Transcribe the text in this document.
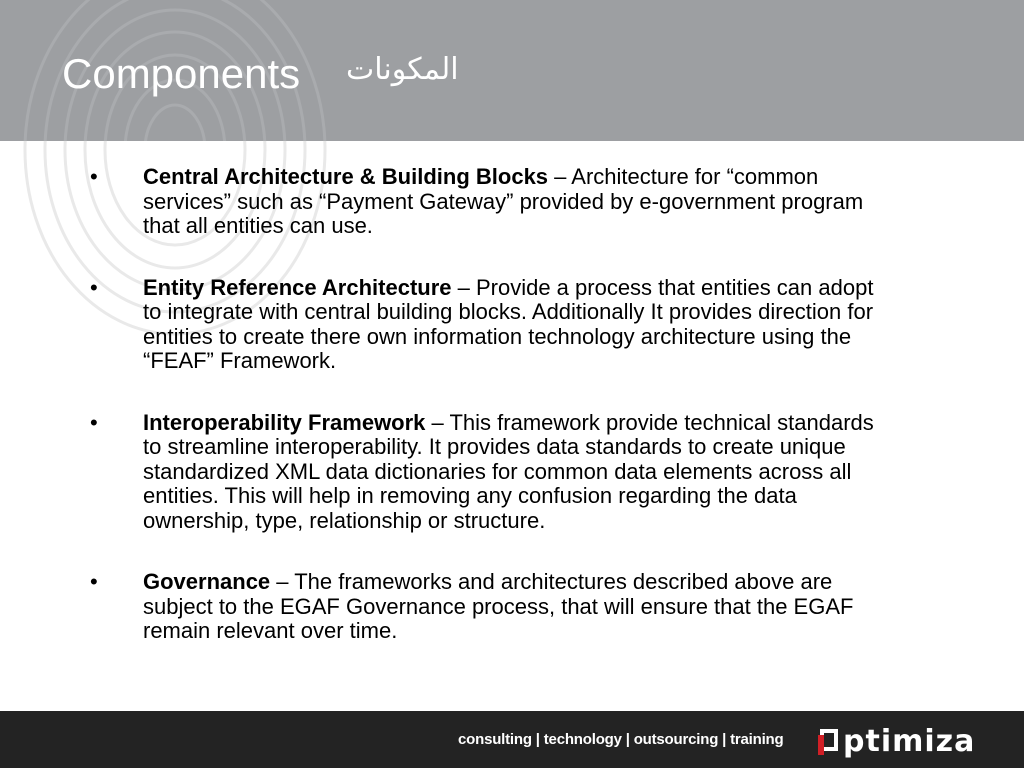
Components المكونات
• Central Architecture & Building Blocks – Architecture for “common services” such as “Payment Gateway” provided by e-government program that all entities can use.
• Entity Reference Architecture – Provide a process that entities can adopt to integrate with central building blocks. Additionally It provides direction for entities to create there own information technology architecture using the “FEAF” Framework.
• Interoperability Framework – This framework provide technical standards to streamline interoperability. It provides data standards to create unique standardized XML data dictionaries for common data elements across all entities. This will help in removing any confusion regarding the data ownership, type, relationship or structure.
• Governance – The frameworks and architectures described above are subject to the EGAF Governance process, that will ensure that the EGAF remain relevant over time.
consulting | technology | outsourcing | training ptimiza
